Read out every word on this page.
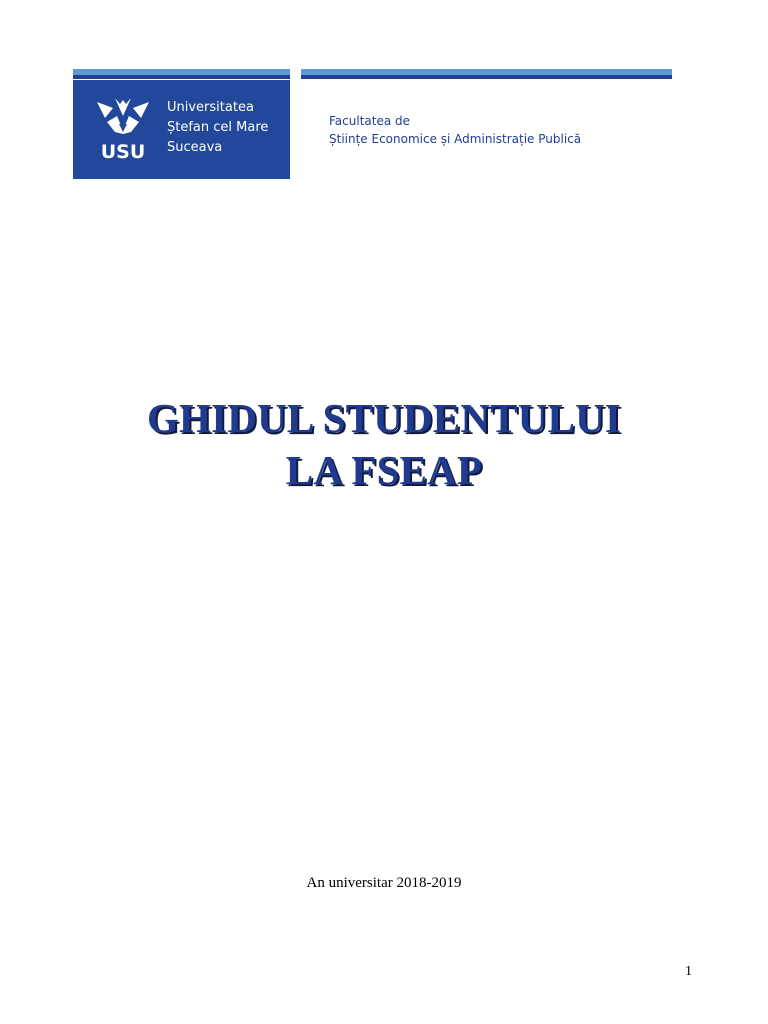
USU
Universitatea
Ștefan cel Mare
Suceava
Facultatea de
Științe Economice și Administrație Publică
GHIDUL STUDENTULUI
LA FSEAP
An universitar 2018-2019
1
